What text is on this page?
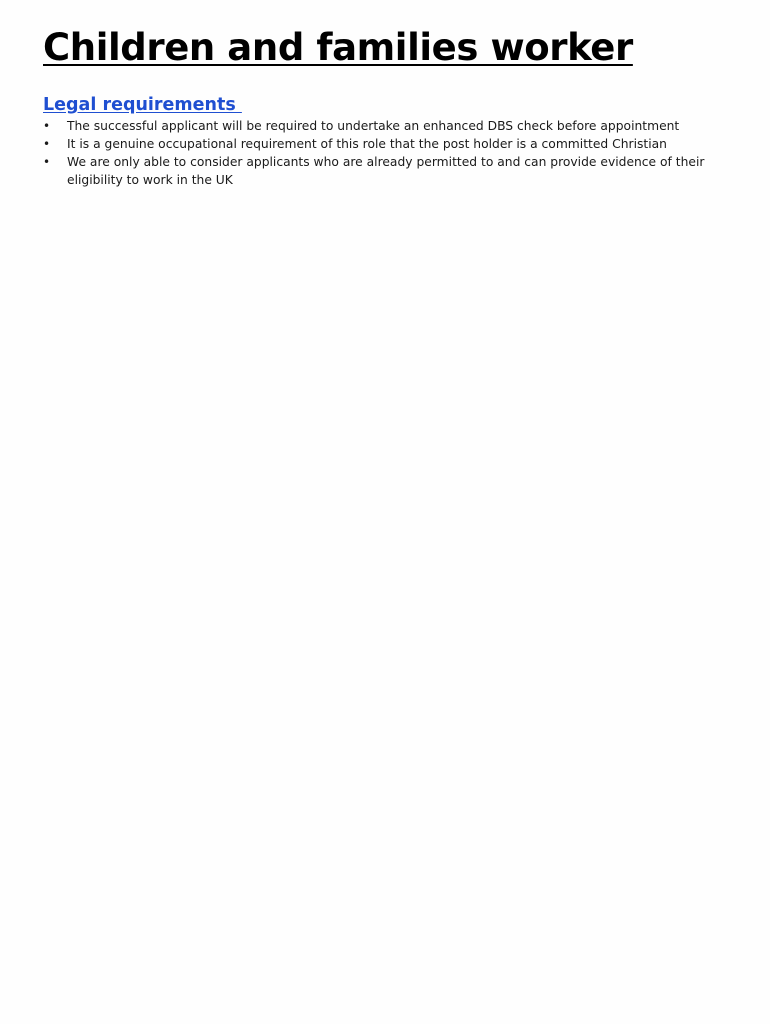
Children and families worker
Legal requirements
• The successful applicant will be required to undertake an enhanced DBS check before appointment
• It is a genuine occupational requirement of this role that the post holder is a committed Christian
• We are only able to consider applicants who are already permitted to and can provide evidence of their eligibility to work in the UK
